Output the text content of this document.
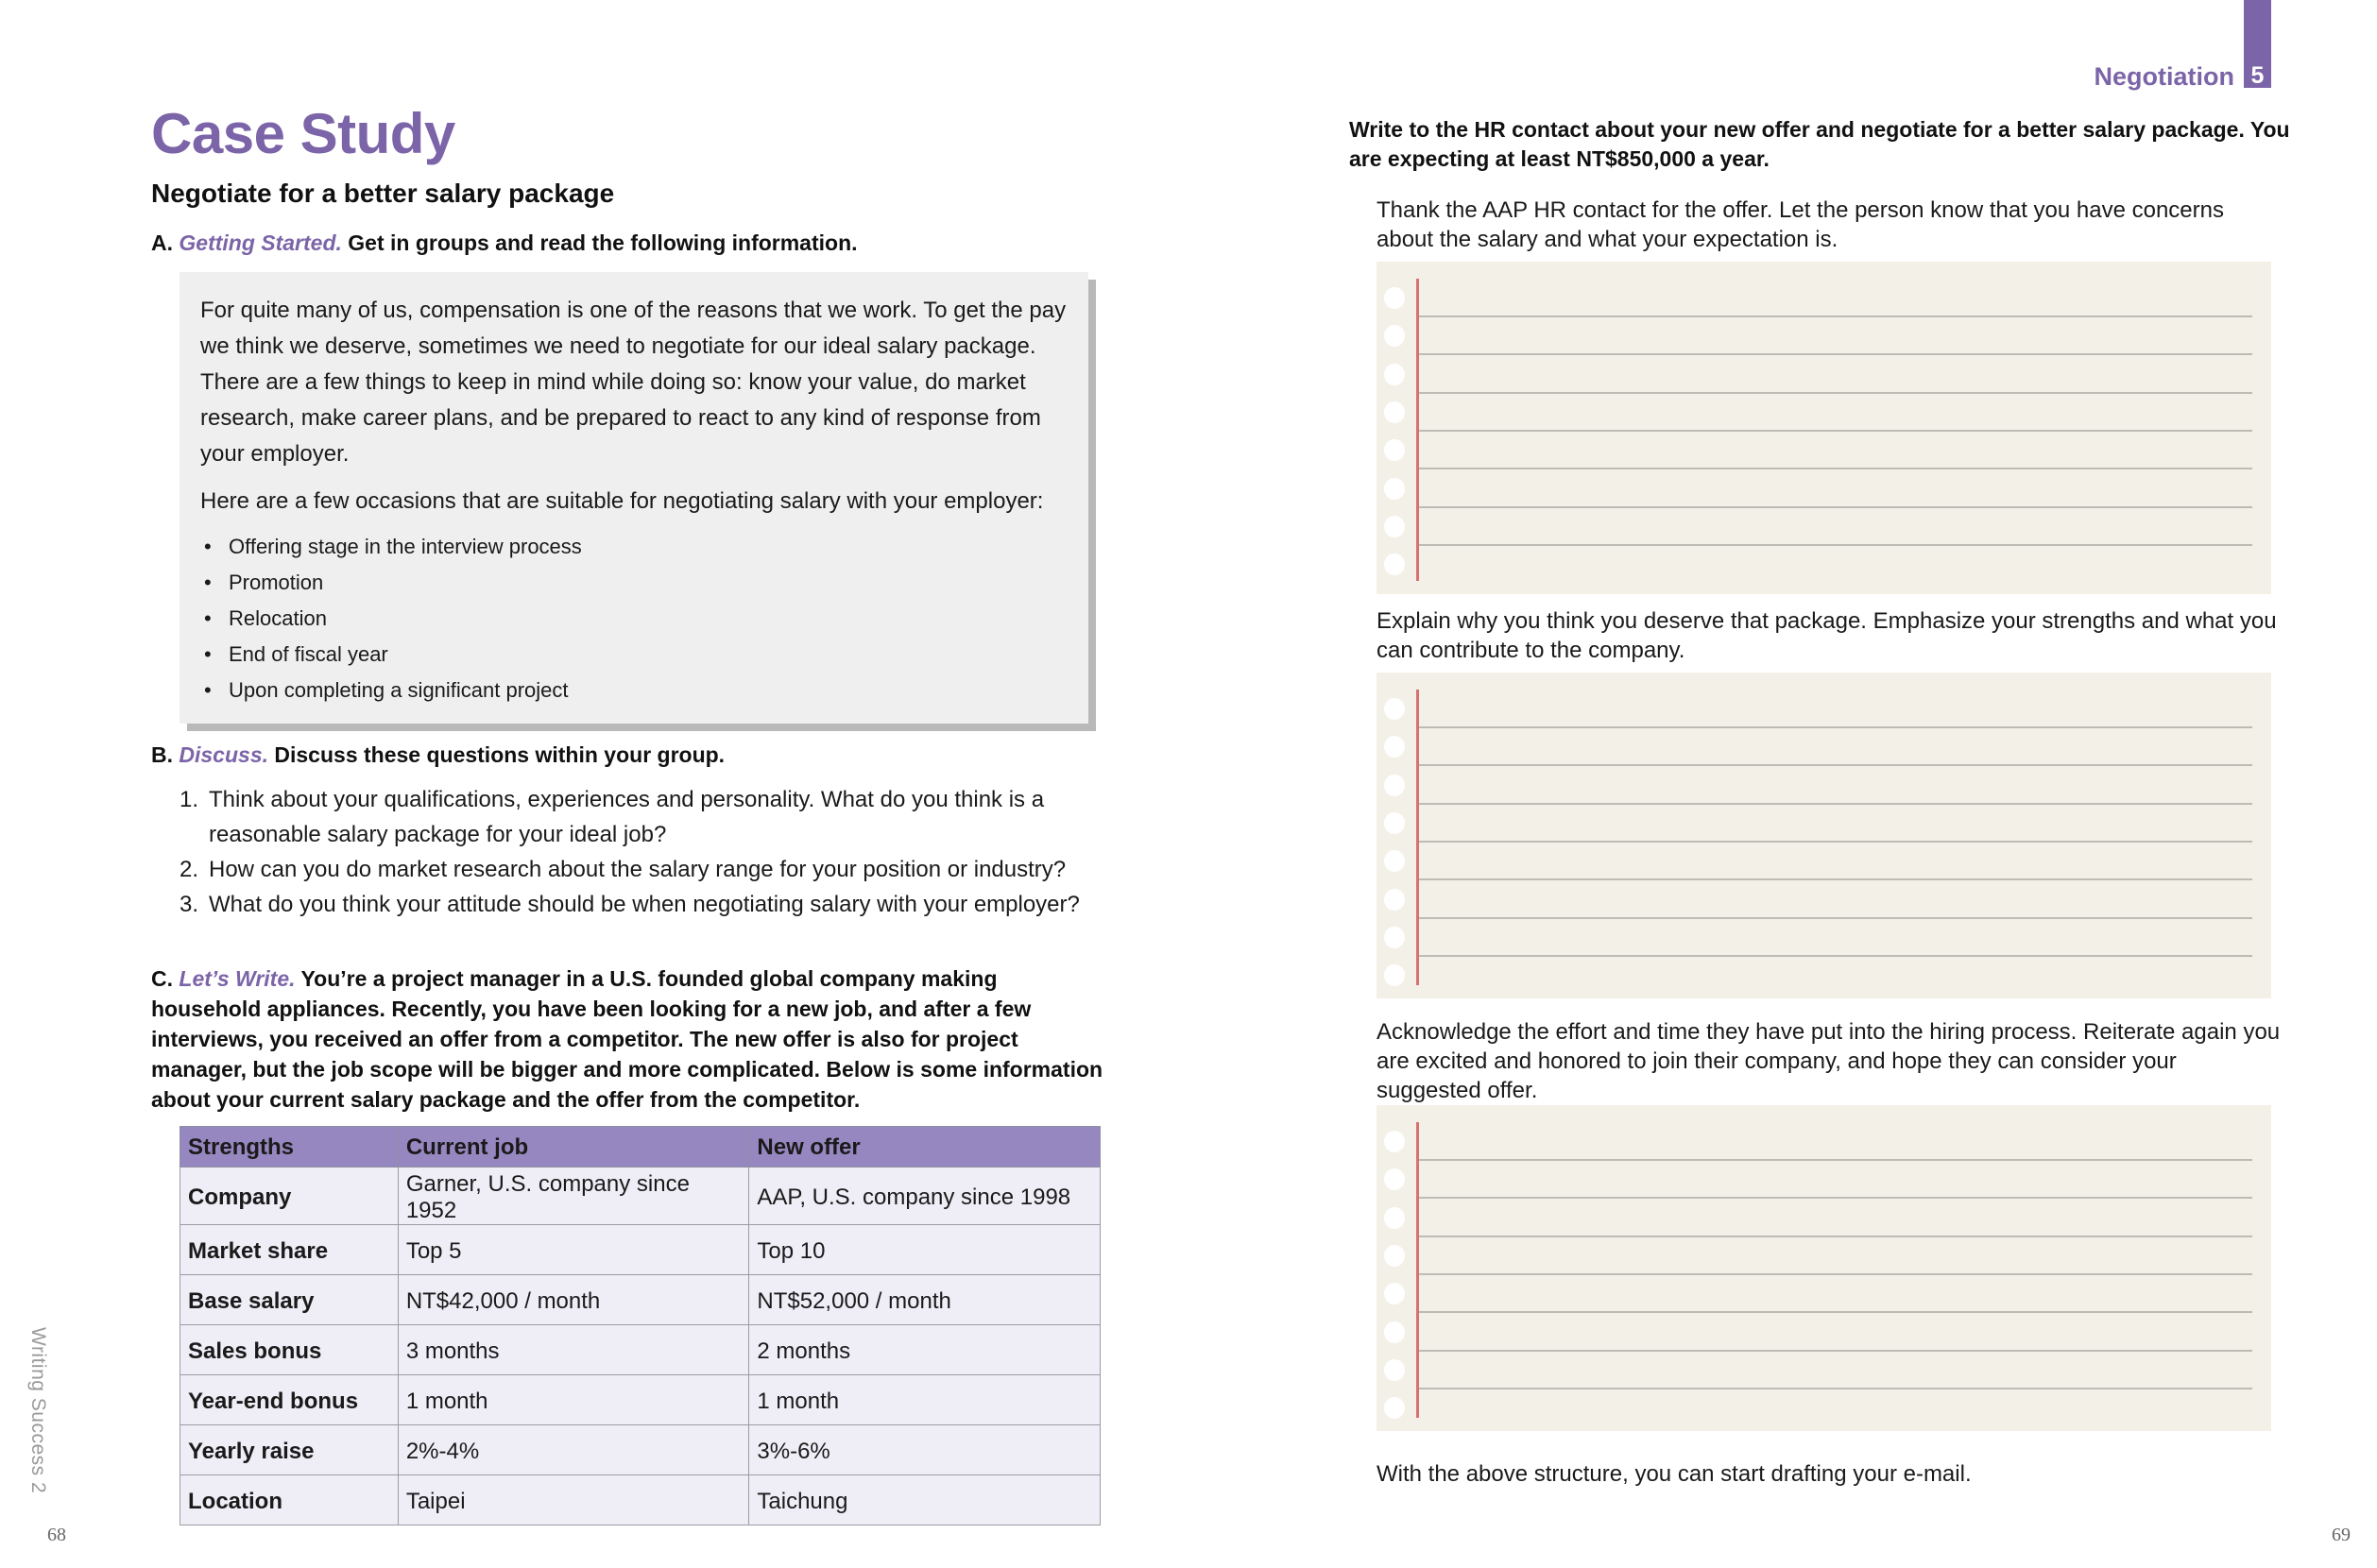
Case Study
Negotiate for a better salary package
A. Getting Started. Get in groups and read the following information.

For quite many of us, compensation is one of the reasons that we work. To get the pay we think we deserve, sometimes we need to negotiate for our ideal salary package. There are a few things to keep in mind while doing so: know your value, do market research, make career plans, and be prepared to react to any kind of response from your employer.

Here are a few occasions that are suitable for negotiating salary with your employer:

• Offering stage in the interview process
• Promotion
• Relocation
• End of fiscal year
• Upon completing a significant project
B. Discuss. Discuss these questions within your group.
1. Think about your qualifications, experiences and personality. What do you think is a reasonable salary package for your ideal job?
2. How can you do market research about the salary range for your position or industry?
3. What do you think your attitude should be when negotiating salary with your employer?
C. Let’s Write. You’re a project manager in a U.S. founded global company making household appliances. Recently, you have been looking for a new job, and after a few interviews, you received an offer from a competitor. The new offer is also for project manager, but the job scope will be bigger and more complicated. Below is some information about your current salary package and the offer from the competitor.
Strengths	Current job	New offer
Company	Garner, U.S. company since 1952	AAP, U.S. company since 1998
Market share	Top 5	Top 10
Base salary	NT$42,000 / month	NT$52,000 / month
Sales bonus	3 months	2 months
Year-end bonus	1 month	1 month
Yearly raise	2%-4%	3%-6%
Location	Taipei	Taichung
Writing Success 2
68
5
Negotiation
Write to the HR contact about your new offer and negotiate for a better salary package. You are expecting at least NT$850,000 a year.
Thank the AAP HR contact for the offer. Let the person know that you have concerns about the salary and what your expectation is.
Explain why you think you deserve that package. Emphasize your strengths and what you can contribute to the company.
Acknowledge the effort and time they have put into the hiring process. Reiterate again you are excited and honored to join their company, and hope they can consider your suggested offer.
With the above structure, you can start drafting your e-mail.
69
